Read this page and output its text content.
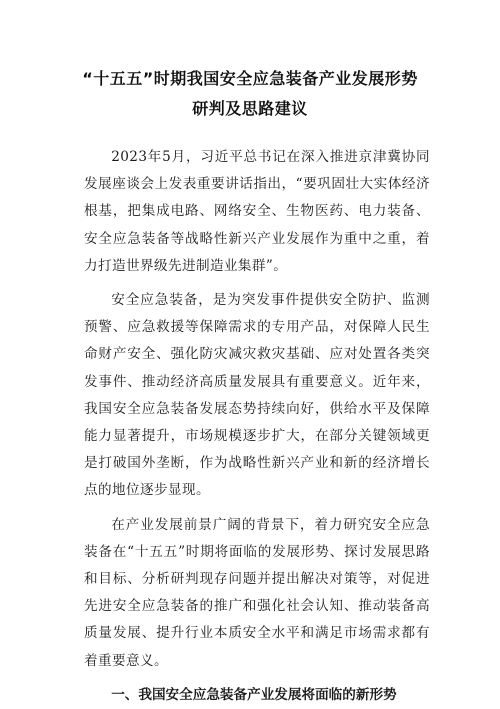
“十五五”时期我国安全应急装备产业发展形势
研判及思路建议

2023年5月，习近平总书记在深入推进京津冀协同发展座谈会上发表重要讲话指出，“要巩固壮大实体经济根基，把集成电路、网络安全、生物医药、电力装备、安全应急装备等战略性新兴产业发展作为重中之重，着力打造世界级先进制造业集群”。

安全应急装备，是为突发事件提供安全防护、监测预警、应急救援等保障需求的专用产品，对保障人民生命财产安全、强化防灾减灾救灾基础、应对处置各类突发事件、推动经济高质量发展具有重要意义。近年来，我国安全应急装备发展态势持续向好，供给水平及保障能力显著提升，市场规模逐步扩大，在部分关键领域更是打破国外垄断，作为战略性新兴产业和新的经济增长点的地位逐步显现。

在产业发展前景广阔的背景下，着力研究安全应急装备在“十五五”时期将面临的发展形势、探讨发展思路和目标、分析研判现存问题并提出解决对策等，对促进先进安全应急装备的推广和强化社会认知、推动装备高质量发展、提升行业本质安全水平和满足市场需求都有着重要意义。

一、我国安全应急装备产业发展将面临的新形势
